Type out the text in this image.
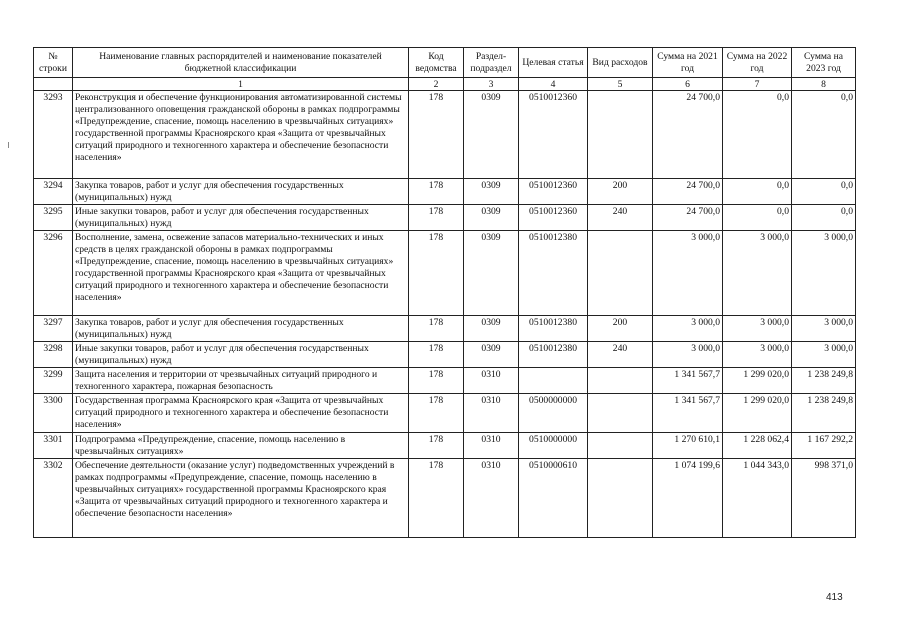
№ строки	Наименование главных распорядителей и наименование показателей бюджетной классификации	Код ведомства	Раздел-подраздел	Целевая статья	Вид расходов	Сумма на 2021 год	Сумма на 2022 год	Сумма на 2023 год
	1	2	3	4	5	6	7	8
3293	Реконструкция и обеспечение функционирования автоматизированной системы централизованного оповещения гражданской обороны в рамках подпрограммы «Предупреждение, спасение, помощь населению в чрезвычайных ситуациях» государственной программы Красноярского края «Защита от чрезвычайных ситуаций природного и техногенного характера и обеспечение безопасности населения»	178	0309	0510012360		24 700,0	0,0	0,0
3294	Закупка товаров, работ и услуг для обеспечения государственных (муниципальных) нужд	178	0309	0510012360	200	24 700,0	0,0	0,0
3295	Иные закупки товаров, работ и услуг для обеспечения государственных (муниципальных) нужд	178	0309	0510012360	240	24 700,0	0,0	0,0
3296	Восполнение, замена, освежение запасов материально-технических и иных средств в целях гражданской обороны в рамках подпрограммы «Предупреждение, спасение, помощь населению в чрезвычайных ситуациях» государственной программы Красноярского края «Защита от чрезвычайных ситуаций природного и техногенного характера и обеспечение безопасности населения»	178	0309	0510012380		3 000,0	3 000,0	3 000,0
3297	Закупка товаров, работ и услуг для обеспечения государственных (муниципальных) нужд	178	0309	0510012380	200	3 000,0	3 000,0	3 000,0
3298	Иные закупки товаров, работ и услуг для обеспечения государственных (муниципальных) нужд	178	0309	0510012380	240	3 000,0	3 000,0	3 000,0
3299	Защита населения и территории от чрезвычайных ситуаций природного и техногенного характера, пожарная безопасность	178	0310			1 341 567,7	1 299 020,0	1 238 249,8
3300	Государственная программа Красноярского края «Защита от чрезвычайных ситуаций природного и техногенного характера и обеспечение безопасности населения»	178	0310	0500000000		1 341 567,7	1 299 020,0	1 238 249,8
3301	Подпрограмма «Предупреждение, спасение, помощь населению в чрезвычайных ситуациях»	178	0310	0510000000		1 270 610,1	1 228 062,4	1 167 292,2
3302	Обеспечение деятельности (оказание услуг) подведомственных учреждений в рамках подпрограммы «Предупреждение, спасение, помощь населению в чрезвычайных ситуациях» государственной программы Красноярского края «Защита от чрезвычайных ситуаций природного и техногенного характера и обеспечение безопасности населения»	178	0310	0510000610		1 074 199,6	1 044 343,0	998 371,0
413
